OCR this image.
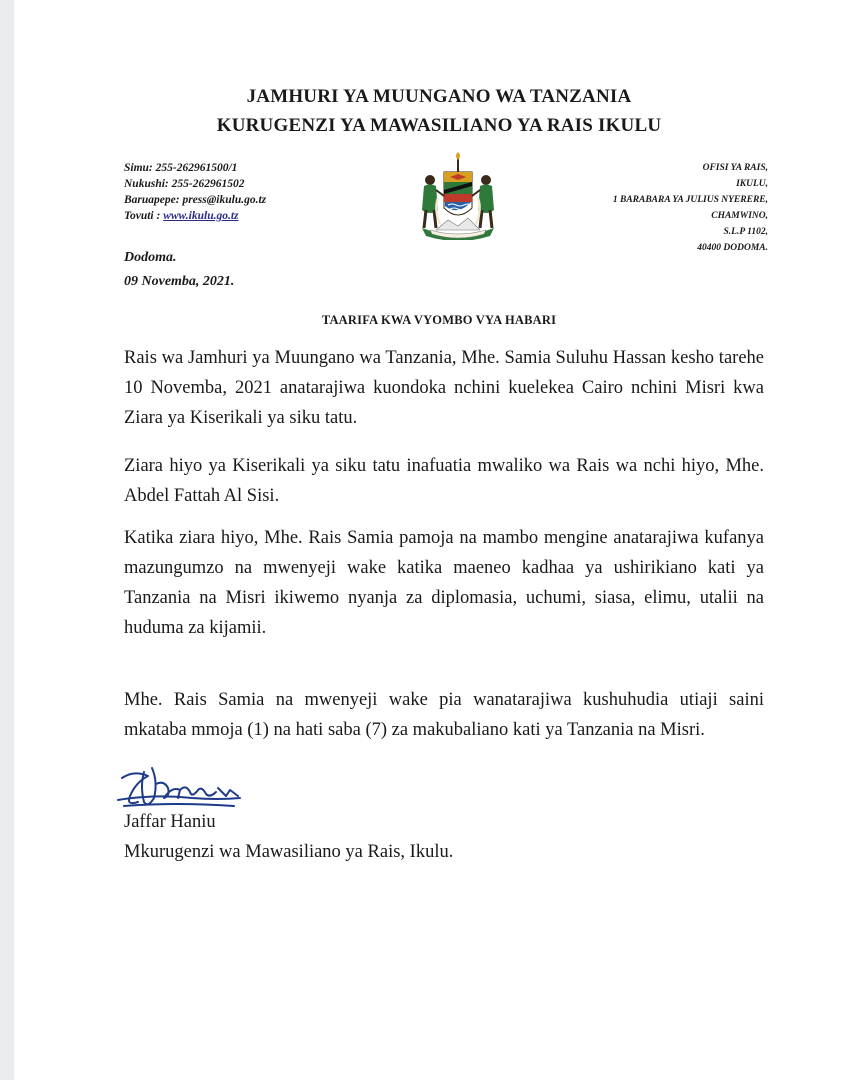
JAMHURI YA MUUNGANO WA TANZANIA
KURUGENZI YA MAWASILIANO YA RAIS IKULU
Simu: 255-262961500/1
Nukushi: 255-262961502
Baruapepe: press@ikulu.go.tz
Tovuti : www.ikulu.go.tz
OFISI YA RAIS,
IKULU,
1 BARABARA YA JULIUS NYERERE,
CHAMWINO,
S.L.P 1102,
40400 DODOMA.
Dodoma.
09 Novemba, 2021.
TAARIFA KWA VYOMBO VYA HABARI
Rais wa Jamhuri ya Muungano wa Tanzania, Mhe. Samia Suluhu Hassan kesho tarehe 10 Novemba, 2021 anatarajiwa kuondoka nchini kuelekea Cairo nchini Misri kwa Ziara ya Kiserikali ya siku tatu.
Ziara hiyo ya Kiserikali ya siku tatu inafuatia mwaliko wa Rais wa nchi hiyo, Mhe. Abdel Fattah Al Sisi.
Katika ziara hiyo, Mhe. Rais Samia pamoja na mambo mengine anatarajiwa kufanya mazungumzo na mwenyeji wake katika maeneo kadhaa ya ushirikiano kati ya Tanzania na Misri ikiwemo nyanja za diplomasia, uchumi, siasa, elimu, utalii na huduma za kijamii.
Mhe. Rais Samia na mwenyeji wake pia wanatarajiwa kushuhudia utiaji saini mkataba mmoja (1) na hati saba (7) za makubaliano kati ya Tanzania na Misri.
Jaffar Haniu
Mkurugenzi wa Mawasiliano ya Rais, Ikulu.
